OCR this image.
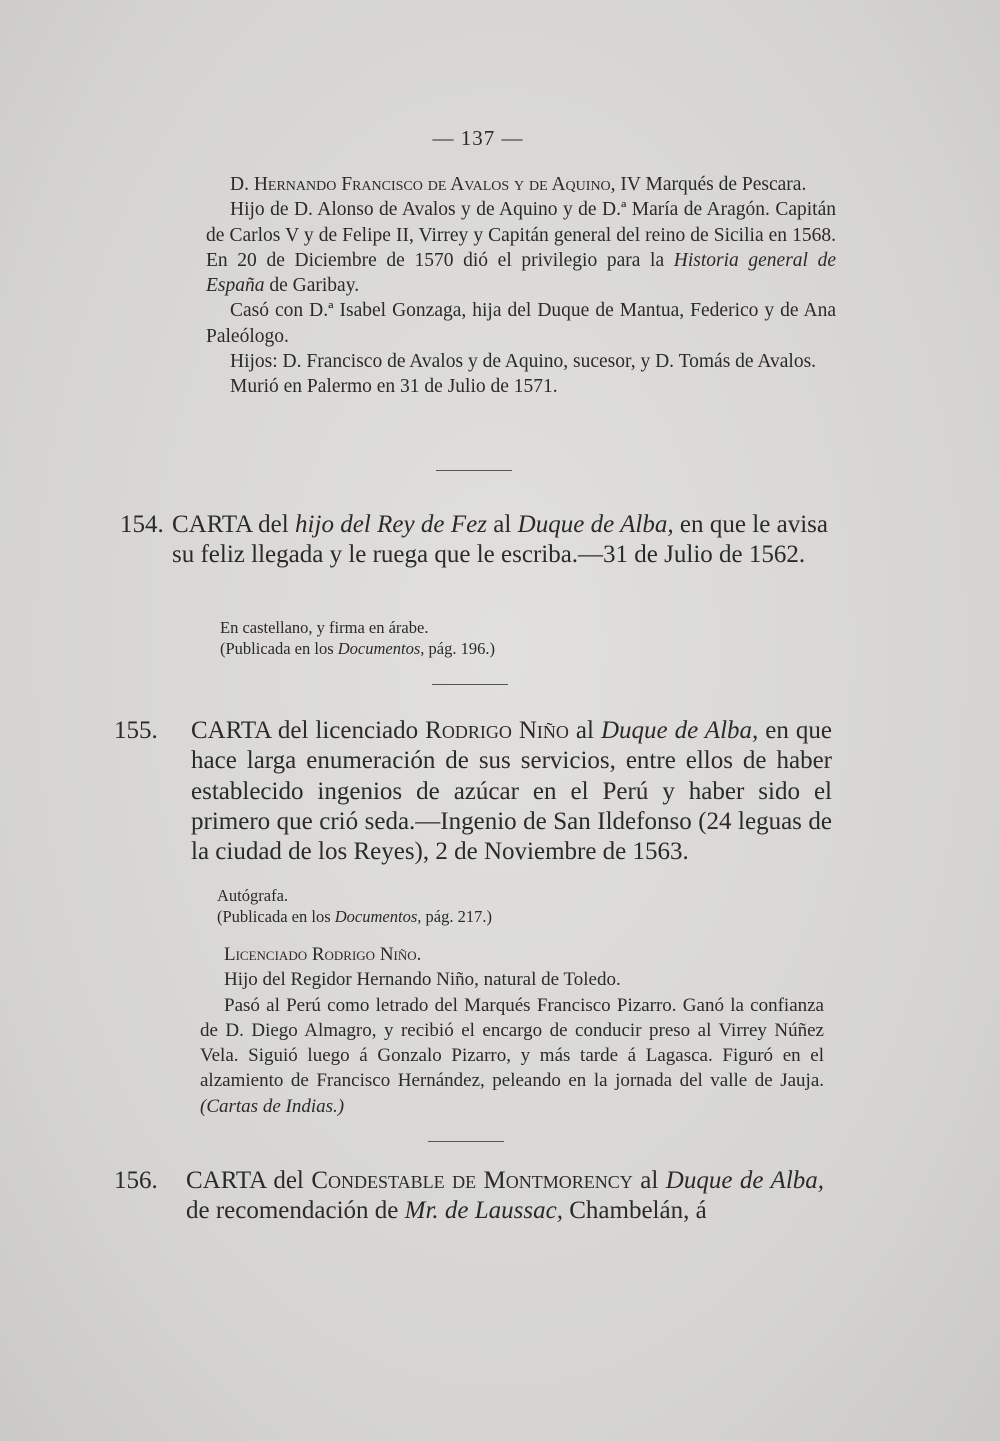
— 137 —

D. Hernando Francisco de Avalos y de Aquino, IV Marqués de Pescara.

Hijo de D. Alonso de Avalos y de Aquino y de D.ª María de Aragón. Capitán de Carlos V y de Felipe II, Virrey y Capitán general del reino de Sicilia en 1568. En 20 de Diciembre de 1570 dió el privilegio para la Historia general de España de Garibay.

Casó con D.ª Isabel Gonzaga, hija del Duque de Mantua, Federico y de Ana Paleólogo.

Hijos: D. Francisco de Avalos y de Aquino, sucesor, y D. Tomás de Avalos.

Murió en Palermo en 31 de Julio de 1571.

154. CARTA del hijo del Rey de Fez al Duque de Alba, en que le avisa su feliz llegada y le ruega que le escriba.—31 de Julio de 1562.

En castellano, y firma en árabe.

(Publicada en los Documentos, pág. 196.)

155. CARTA del licenciado Rodrigo Niño al Duque de Alba, en que hace larga enumeración de sus servicios, entre ellos de haber establecido ingenios de azúcar en el Perú y haber sido el primero que crió seda.—Ingenio de San Ildefonso (24 leguas de la ciudad de los Reyes), 2 de Noviembre de 1563.

Autógrafa.

(Publicada en los Documentos, pág. 217.)

Licenciado Rodrigo Niño.

Hijo del Regidor Hernando Niño, natural de Toledo.

Pasó al Perú como letrado del Marqués Francisco Pizarro. Ganó la confianza de D. Diego Almagro, y recibió el encargo de conducir preso al Virrey Núñez Vela. Siguió luego á Gonzalo Pizarro, y más tarde á Lagasca. Figuró en el alzamiento de Francisco Hernández, peleando en la jornada del valle de Jauja. (Cartas de Indias.)

156. CARTA del Condestable de Montmorency al Duque de Alba, de recomendación de Mr. de Laussac, Chambelán, á
